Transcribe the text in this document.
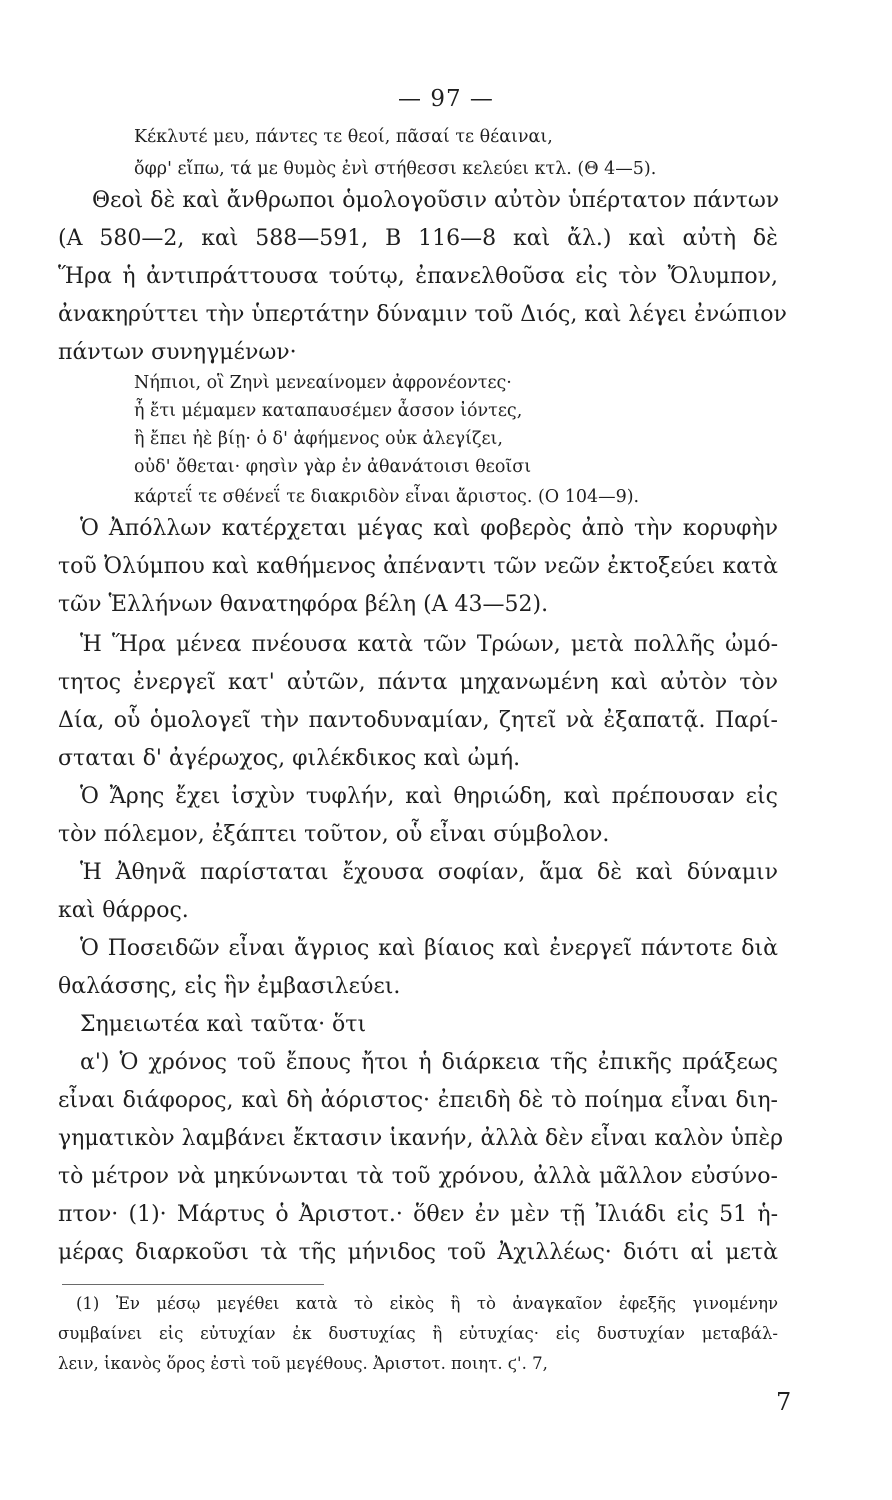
— 97 —
Κέκλυτέ μευ, πάντες τε θεοί, πᾶσαί τε θέαιναι,
ὄφρ' εἴπω, τά με θυμὸς ἐνὶ στήθεσσι κελεύει κτλ. (Θ 4—5).
Θεοὶ δὲ καὶ ἄνθρωποι ὁμολογοῦσιν αὐτὸν ὑπέρτατον πάντων
(Α 580—2, καὶ 588—591, Β 116—8 καὶ ἄλ.) καὶ αὐτὴ δὲ
Ἥρα ἡ ἀντιπράττουσα τούτῳ, ἐπανελθοῦσα εἰς τὸν Ὄλυμπον,
ἀνακηρύττει τὴν ὑπερτάτην δύναμιν τοῦ Διός, καὶ λέγει ἐνώπιον
πάντων συνηγμένων·
Νήπιοι, οἳ Ζηνὶ μενεαίνομεν ἀφρονέοντες·
ἦ ἔτι μέμαμεν καταπαυσέμεν ἆσσον ἰόντες,
ἢ ἔπει ἠὲ βίῃ· ὁ δ' ἀφήμενος οὐκ ἀλεγίζει,
οὐδ' ὄθεται· φησὶν γὰρ ἐν ἀθανάτοισι θεοῖσι
κάρτεΐ τε σθένεΐ τε διακριδὸν εἶναι ἄριστος. (Ο 104—9).
Ὁ Ἀπόλλων κατέρχεται μέγας καὶ φοβερὸς ἀπὸ τὴν κορυφὴν
τοῦ Ὀλύμπου καὶ καθήμενος ἀπέναντι τῶν νεῶν ἐκτοξεύει κατὰ
τῶν Ἑλλήνων θανατηφόρα βέλη (Α 43—52).
Ἡ Ἥρα μένεα πνέουσα κατὰ τῶν Τρώων, μετὰ πολλῆς ὠμό-
τητος ἐνεργεῖ κατ' αὐτῶν, πάντα μηχανωμένη καὶ αὐτὸν τὸν
Δία, οὗ ὁμολογεῖ τὴν παντοδυναμίαν, ζητεῖ νὰ ἐξαπατᾷ. Παρί-
σταται δ' ἀγέρωχος, φιλέκδικος καὶ ὠμή.
Ὁ Ἄρης ἔχει ἰσχὺν τυφλήν, καὶ θηριώδη, καὶ πρέπουσαν εἰς
τὸν πόλεμον, ἐξάπτει τοῦτον, οὗ εἶναι σύμβολον.
Ἡ Ἀθηνᾶ παρίσταται ἔχουσα σοφίαν, ἅμα δὲ καὶ δύναμιν
καὶ θάρρος.
Ὁ Ποσειδῶν εἶναι ἄγριος καὶ βίαιος καὶ ἐνεργεῖ πάντοτε διὰ
θαλάσσης, εἰς ἣν ἐμβασιλεύει.
Σημειωτέα καὶ ταῦτα· ὅτι
α') Ὁ χρόνος τοῦ ἔπους ἤτοι ἡ διάρκεια τῆς ἐπικῆς πράξεως
εἶναι διάφορος, καὶ δὴ ἀόριστος· ἐπειδὴ δὲ τὸ ποίημα εἶναι διη-
γηματικὸν λαμβάνει ἔκτασιν ἱκανήν, ἀλλὰ δὲν εἶναι καλὸν ὑπὲρ
τὸ μέτρον νὰ μηκύνωνται τὰ τοῦ χρόνου, ἀλλὰ μᾶλλον εὐσύνο-
πτον· (1)· Μάρτυς ὁ Ἀριστοτ.· ὅθεν ἐν μὲν τῇ Ἰλιάδι εἰς 51 ἡ-
μέρας διαρκοῦσι τὰ τῆς μήνιδος τοῦ Ἀχιλλέως· διότι αἱ μετὰ
(1) Ἐν μέσῳ μεγέθει κατὰ τὸ εἰκὸς ἢ τὸ ἀναγκαῖον ἐφεξῆς γινομένην
συμβαίνει εἰς εὐτυχίαν ἐκ δυστυχίας ἢ εὐτυχίας· εἰς δυστυχίαν μεταβάλ-
λειν, ἱκανὸς ὅρος ἐστὶ τοῦ μεγέθους. Ἀριστοτ. ποιητ. ϛ'. 7,
7
